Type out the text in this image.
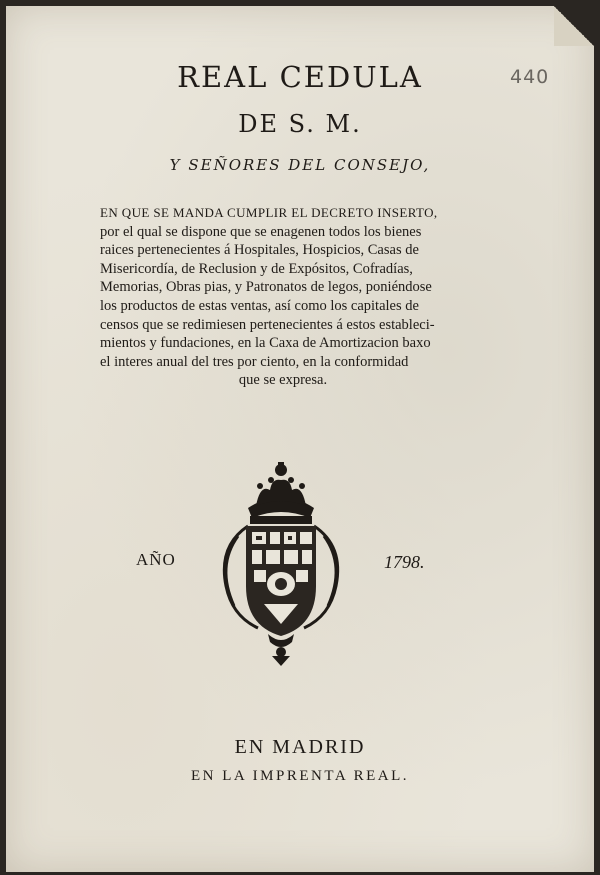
440
REAL CEDULA
DE S. M.
Y SEÑORES DEL CONSEJO,
EN QUE SE MANDA CUMPLIR EL DECRETO INSERTO,
por el qual se dispone que se enagenen todos los bienes
raices pertenecientes á Hospitales, Hospicios, Casas de
Misericordía, de Reclusion y de Expósitos, Cofradías,
Memorias, Obras pias, y Patronatos de legos, poniéndose
los productos de estas ventas, así como los capitales de
censos que se redimiesen pertenecientes á estos estableci-
mientos y fundaciones, en la Caxa de Amortizacion baxo
el interes anual del tres por ciento, en la conformidad
que se expresa.
AÑO	1798.
EN MADRID
EN LA IMPRENTA REAL.
